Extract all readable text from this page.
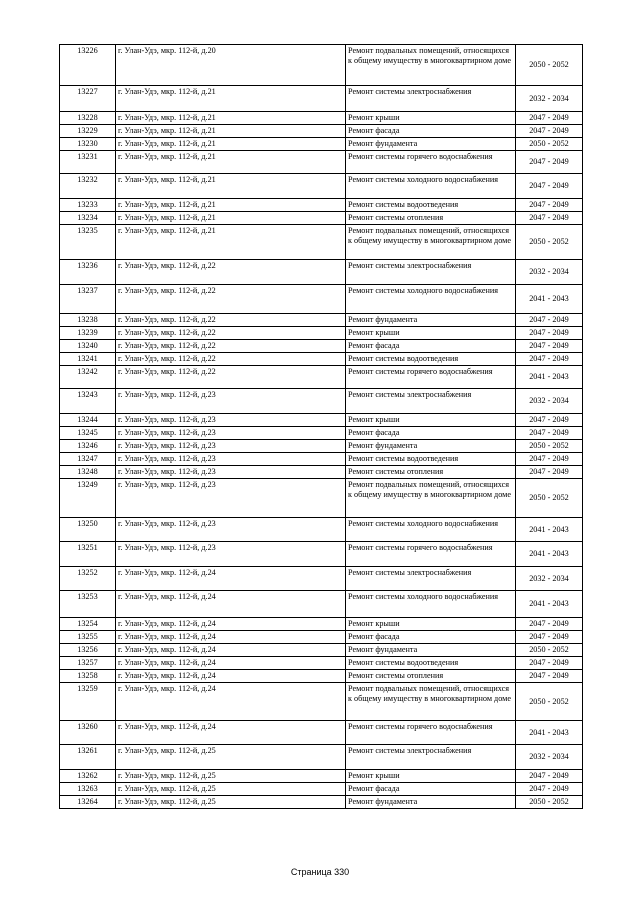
13226	г. Улан-Удэ, мкр. 112-й, д.20	Ремонт подвальных помещений, относящихся к общему имуществу в многоквартирном доме	2050 - 2052
13227	г. Улан-Удэ, мкр. 112-й, д.21	Ремонт системы электроснабжения	2032 - 2034
13228	г. Улан-Удэ, мкр. 112-й, д.21	Ремонт крыши	2047 - 2049
13229	г. Улан-Удэ, мкр. 112-й, д.21	Ремонт фасада	2047 - 2049
13230	г. Улан-Удэ, мкр. 112-й, д.21	Ремонт фундамента	2050 - 2052
13231	г. Улан-Удэ, мкр. 112-й, д.21	Ремонт системы горячего водоснабжения	2047 - 2049
13232	г. Улан-Удэ, мкр. 112-й, д.21	Ремонт системы холодного водоснабжения	2047 - 2049
13233	г. Улан-Удэ, мкр. 112-й, д.21	Ремонт системы водоотведения	2047 - 2049
13234	г. Улан-Удэ, мкр. 112-й, д.21	Ремонт системы отопления	2047 - 2049
13235	г. Улан-Удэ, мкр. 112-й, д.21	Ремонт подвальных помещений, относящихся к общему имуществу в многоквартирном доме	2050 - 2052
13236	г. Улан-Удэ, мкр. 112-й, д.22	Ремонт системы электроснабжения	2032 - 2034
13237	г. Улан-Удэ, мкр. 112-й, д.22	Ремонт системы холодного водоснабжения	2041 - 2043
13238	г. Улан-Удэ, мкр. 112-й, д.22	Ремонт фундамента	2047 - 2049
13239	г. Улан-Удэ, мкр. 112-й, д.22	Ремонт крыши	2047 - 2049
13240	г. Улан-Удэ, мкр. 112-й, д.22	Ремонт фасада	2047 - 2049
13241	г. Улан-Удэ, мкр. 112-й, д.22	Ремонт системы водоотведения	2047 - 2049
13242	г. Улан-Удэ, мкр. 112-й, д.22	Ремонт системы горячего водоснабжения	2041 - 2043
13243	г. Улан-Удэ, мкр. 112-й, д.23	Ремонт системы электроснабжения	2032 - 2034
13244	г. Улан-Удэ, мкр. 112-й, д.23	Ремонт крыши	2047 - 2049
13245	г. Улан-Удэ, мкр. 112-й, д.23	Ремонт фасада	2047 - 2049
13246	г. Улан-Удэ, мкр. 112-й, д.23	Ремонт фундамента	2050 - 2052
13247	г. Улан-Удэ, мкр. 112-й, д.23	Ремонт системы водоотведения	2047 - 2049
13248	г. Улан-Удэ, мкр. 112-й, д.23	Ремонт системы отопления	2047 - 2049
13249	г. Улан-Удэ, мкр. 112-й, д.23	Ремонт подвальных помещений, относящихся к общему имуществу в многоквартирном доме	2050 - 2052
13250	г. Улан-Удэ, мкр. 112-й, д.23	Ремонт системы холодного водоснабжения	2041 - 2043
13251	г. Улан-Удэ, мкр. 112-й, д.23	Ремонт системы горячего водоснабжения	2041 - 2043
13252	г. Улан-Удэ, мкр. 112-й, д.24	Ремонт системы электроснабжения	2032 - 2034
13253	г. Улан-Удэ, мкр. 112-й, д.24	Ремонт системы холодного водоснабжения	2041 - 2043
13254	г. Улан-Удэ, мкр. 112-й, д.24	Ремонт крыши	2047 - 2049
13255	г. Улан-Удэ, мкр. 112-й, д.24	Ремонт фасада	2047 - 2049
13256	г. Улан-Удэ, мкр. 112-й, д.24	Ремонт фундамента	2050 - 2052
13257	г. Улан-Удэ, мкр. 112-й, д.24	Ремонт системы водоотведения	2047 - 2049
13258	г. Улан-Удэ, мкр. 112-й, д.24	Ремонт системы отопления	2047 - 2049
13259	г. Улан-Удэ, мкр. 112-й, д.24	Ремонт подвальных помещений, относящихся к общему имуществу в многоквартирном доме	2050 - 2052
13260	г. Улан-Удэ, мкр. 112-й, д.24	Ремонт системы горячего водоснабжения	2041 - 2043
13261	г. Улан-Удэ, мкр. 112-й, д.25	Ремонт системы электроснабжения	2032 - 2034
13262	г. Улан-Удэ, мкр. 112-й, д.25	Ремонт крыши	2047 - 2049
13263	г. Улан-Удэ, мкр. 112-й, д.25	Ремонт фасада	2047 - 2049
13264	г. Улан-Удэ, мкр. 112-й, д.25	Ремонт фундамента	2050 - 2052
Страница 330
